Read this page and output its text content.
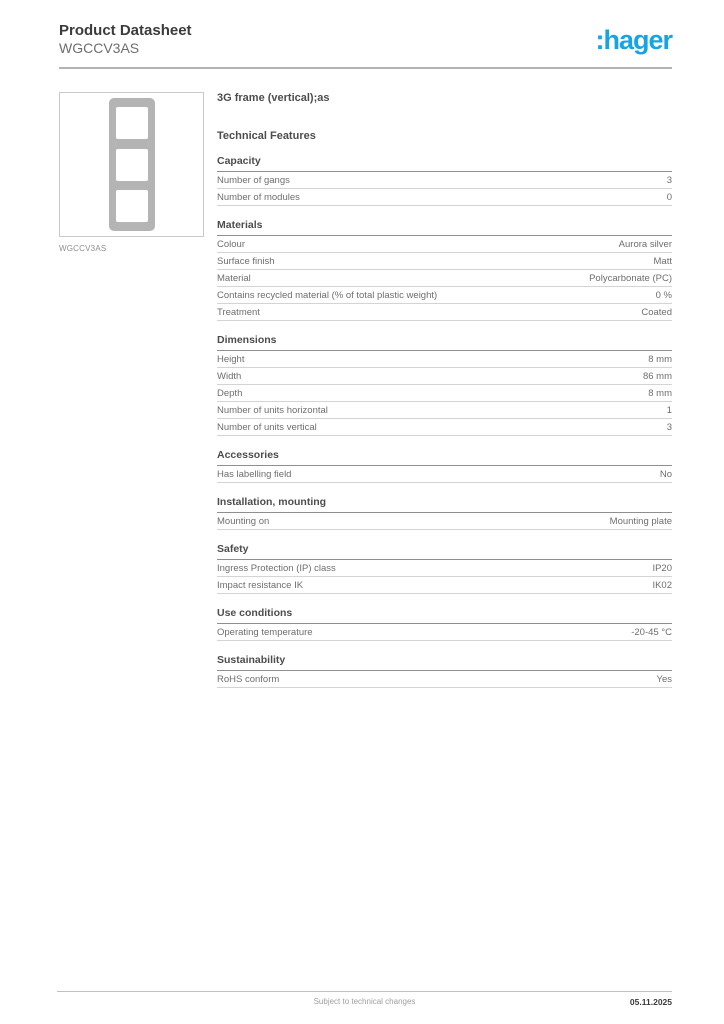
Product Datasheet
WGCCV3AS	:hager
WGCCV3AS
3G frame (vertical);as
Technical Features
Capacity
Number of gangs	3
Number of modules	0
Materials
Colour	Aurora silver
Surface finish	Matt
Material	Polycarbonate (PC)
Contains recycled material (% of total plastic weight)	0 %
Treatment	Coated
Dimensions
Height	8 mm
Width	86 mm
Depth	8 mm
Number of units horizontal	1
Number of units vertical	3
Accessories
Has labelling field	No
Installation, mounting
Mounting on	Mounting plate
Safety
Ingress Protection (IP) class	IP20
Impact resistance IK	IK02
Use conditions
Operating temperature	-20-45 °C
Sustainability
RoHS conform	Yes
Subject to technical changes	05.11.2025
